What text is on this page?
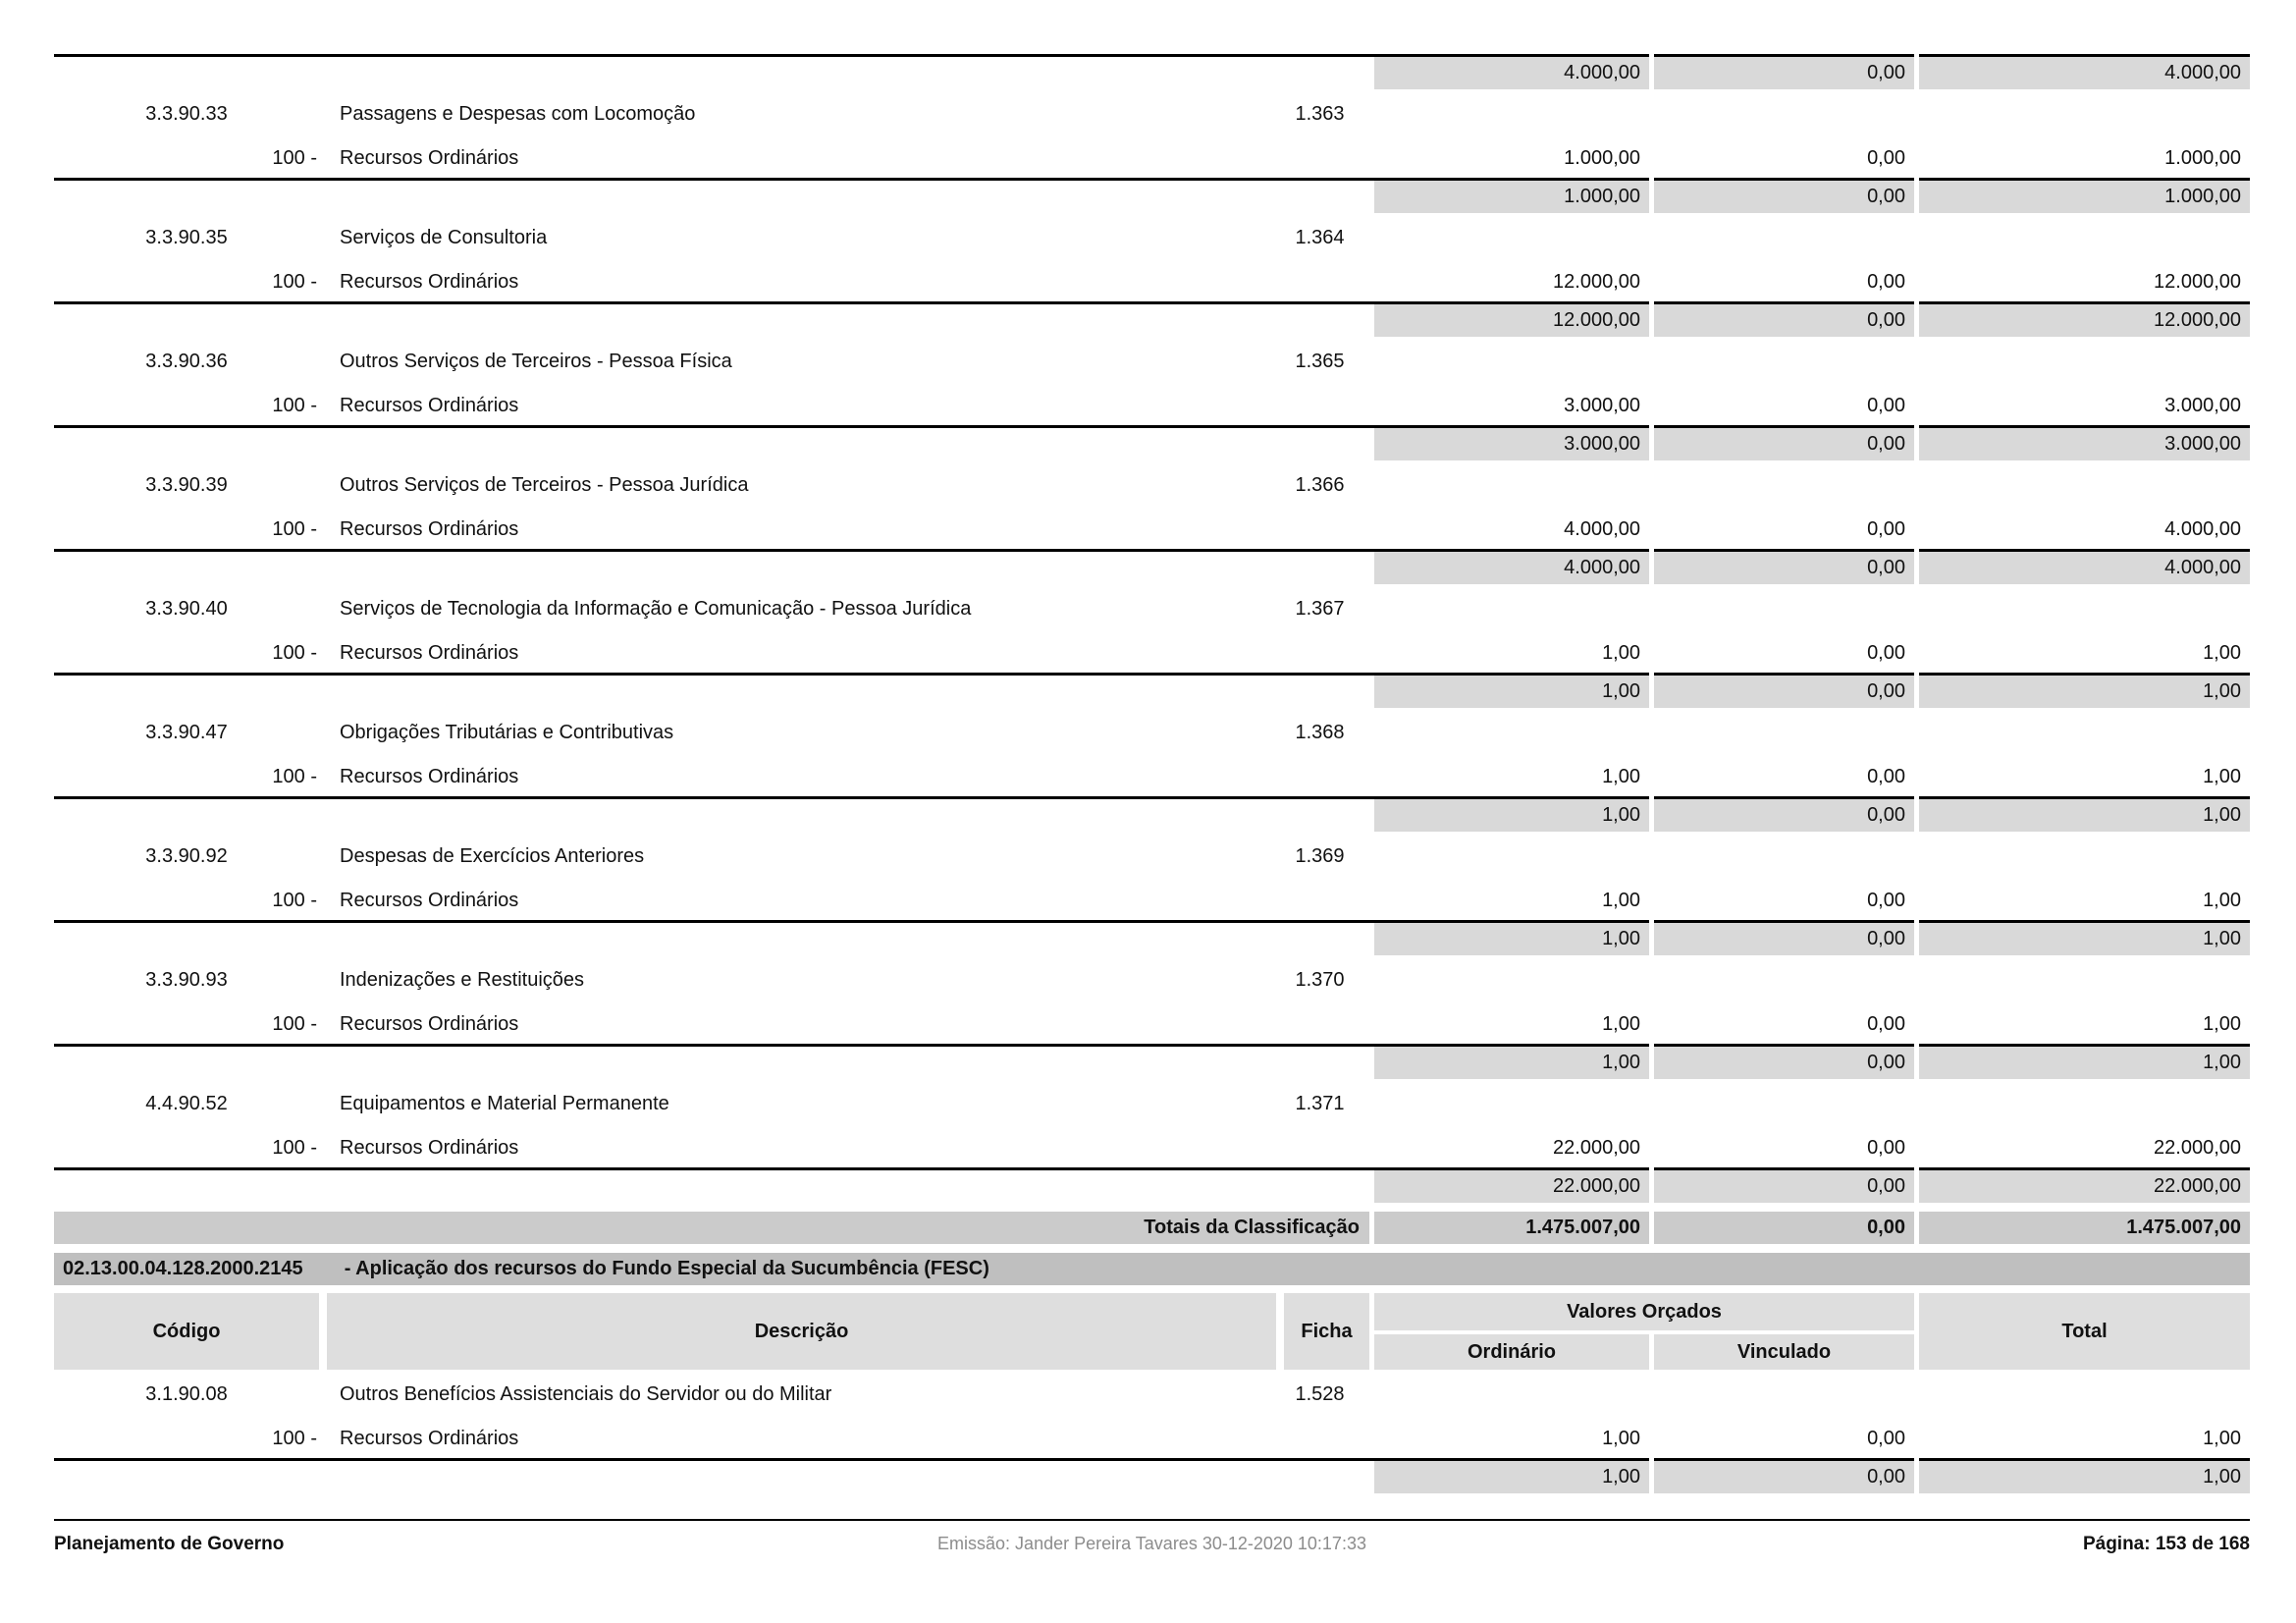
4.000,00	0,00	4.000,00
3.3.90.33	Passagens e Despesas com Locomoção	1.363
100 -	Recursos Ordinários	1.000,00	0,00	1.000,00
1.000,00	0,00	1.000,00
3.3.90.35	Serviços de Consultoria	1.364
100 -	Recursos Ordinários	12.000,00	0,00	12.000,00
12.000,00	0,00	12.000,00
3.3.90.36	Outros Serviços de Terceiros - Pessoa Física	1.365
100 -	Recursos Ordinários	3.000,00	0,00	3.000,00
3.000,00	0,00	3.000,00
3.3.90.39	Outros Serviços de Terceiros - Pessoa Jurídica	1.366
100 -	Recursos Ordinários	4.000,00	0,00	4.000,00
4.000,00	0,00	4.000,00
3.3.90.40	Serviços de Tecnologia da Informação e Comunicação - Pessoa Jurídica	1.367
100 -	Recursos Ordinários	1,00	0,00	1,00
1,00	0,00	1,00
3.3.90.47	Obrigações Tributárias e Contributivas	1.368
100 -	Recursos Ordinários	1,00	0,00	1,00
1,00	0,00	1,00
3.3.90.92	Despesas de Exercícios Anteriores	1.369
100 -	Recursos Ordinários	1,00	0,00	1,00
1,00	0,00	1,00
3.3.90.93	Indenizações e Restituições	1.370
100 -	Recursos Ordinários	1,00	0,00	1,00
1,00	0,00	1,00
4.4.90.52	Equipamentos e Material Permanente	1.371
100 -	Recursos Ordinários	22.000,00	0,00	22.000,00
22.000,00	0,00	22.000,00
Totais da Classificação	1.475.007,00	0,00	1.475.007,00
02.13.00.04.128.2000.2145 - Aplicação dos recursos do Fundo Especial da Sucumbência (FESC)
Código	Descrição	Ficha
Valores Orçados
Ordinário	Vinculado
Total
3.1.90.08	Outros Benefícios Assistenciais do Servidor ou do Militar	1.528
100 -	Recursos Ordinários	1,00	0,00	1,00
1,00	0,00	1,00
Planejamento de Governo	Emissão: Jander Pereira Tavares 30-12-2020 10:17:33	Página: 153 de 168
